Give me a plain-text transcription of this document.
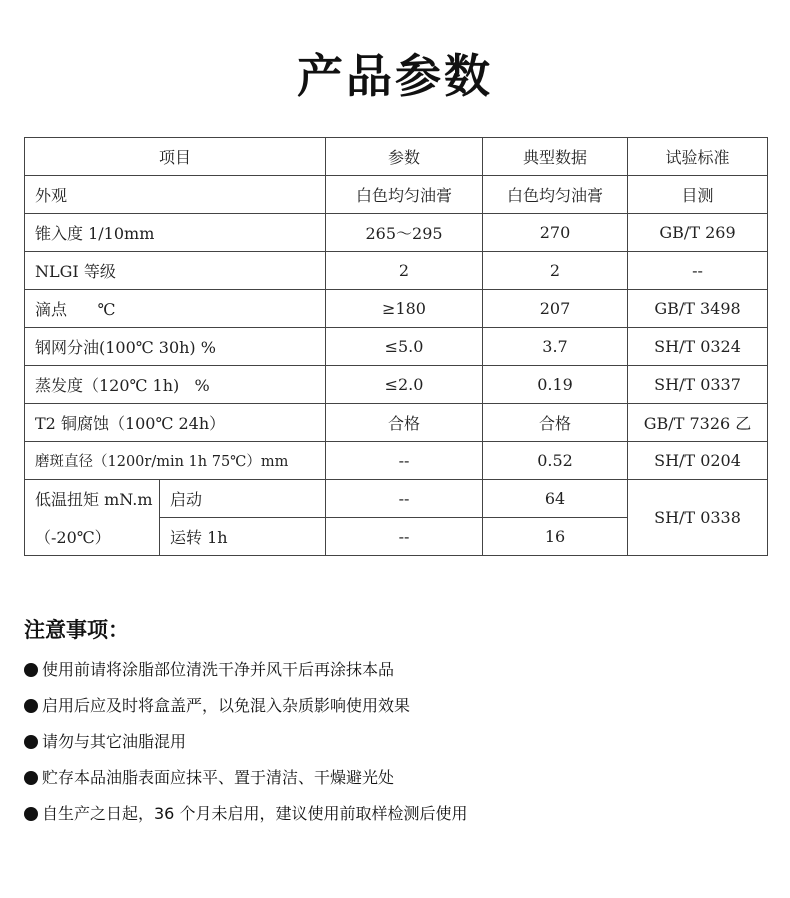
产品参数
项目		参数	典型数据	试验标准
外观		白色均匀油膏	白色均匀油膏	目测
锥入度 1/10mm		265～295	270	GB/T 269
NLGI 等级		2	2	--
滴点      ℃		≥180	207	GB/T 3498
钢网分油(100℃ 30h) %		≤5.0	3.7	SH/T 0324
蒸发度（120℃ 1h)   %		≤2.0	0.19	SH/T 0337
T2 铜腐蚀（100℃ 24h）		合格	合格	GB/T 7326 乙
磨斑直径（1200r/min 1h 75℃）mm		--	0.52	SH/T 0204
低温扭矩 mN.m	启动	--	64	SH/T 0338
（-20℃）	运转 1h	--	16	
注意事项：
使用前请将涂脂部位清洗干净并风干后再涂抹本品
启用后应及时将盒盖严，以免混入杂质影响使用效果
请勿与其它油脂混用
贮存本品油脂表面应抹平、置于清洁、干燥避光处
自生产之日起，36 个月未启用，建议使用前取样检测后使用
